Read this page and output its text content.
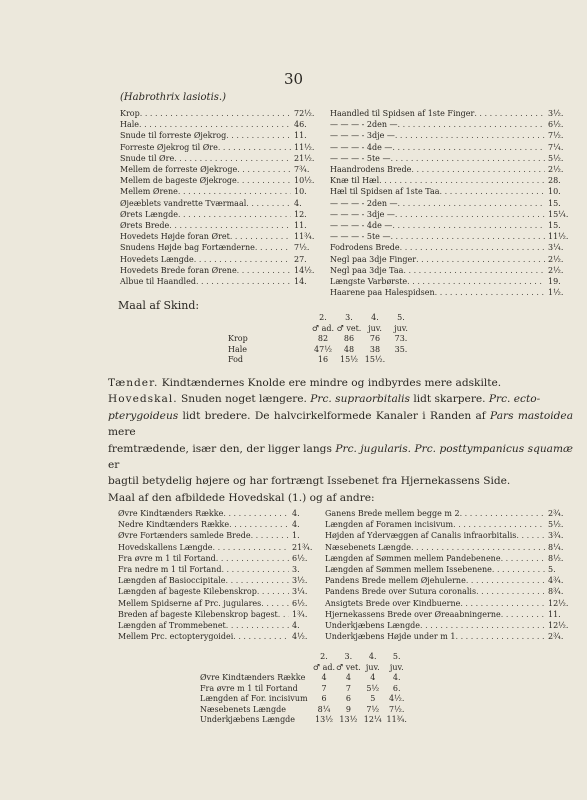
30
(Habrothrix lasiotis.)
Krop . . .	72½.
Hale . . .	46.
Snude til forreste Øjekrog . . .	11.
Forreste Øjekrog til Øre . . .	11½.
Snude til Øre . . .	21½.
Mellem de forreste Øjekroge . . .	7¾.
Mellem de bageste Øjekroge . . .	10½.
Mellem Ørene . . .	10.
Øjeæblets vandrette Tværmaal . . .	4.
Ørets Længde . . .	12.
Ørets Brede . . .	11.
Hovedets Højde foran Øret . . .	11¾.
Snudens Højde bag Fortænderne . . .	7½.
Hovedets Længde . . .	27.
Hovedets Brede foran Ørene . . .	14½.
Albue til Haandled . . .	14.
Haandled til Spidsen af 1ste Finger . . .	3½.
— — — - 2den — . . .	6½.
— — — - 3dje — . . .	7½.
— — — - 4de — . . .	7¼.
— — — - 5te — . . .	5½.
Haandrodens Brede . . .	2½.
Knæ til Hæl . . .	28.
Hæl til Spidsen af 1ste Taa . . .	10.
— — — - 2den — . . .	15.
— — — - 3dje — . . .	15¼.
— — — - 4de — . . .	15.
— — — - 5te — . . .	11½.
Fodrodens Brede . . .	3¼.
Negl paa 3dje Finger . . .	2½.
Negl paa 3dje Taa . . .	2½.
Længste Varbørste . . .	19.
Haarene paa Halespidsen . . .	1½.
Maal af Skind:
	2.	3.	4.	5.
	♂ ad.	♂ vet.	juv.	juv.
Krop	82	86	76	73.
Hale	47½	48	38	35.
Fod	16	15½	15½.	
Tænder. Kindtændernes Knolde ere mindre og indbyrdes mere adskilte.
Hovedskal. Snuden noget længere. Prc. supraorbitalis lidt skarpere. Prc. ecto-
pterygoideus lidt bredere. De halvcirkelformede Kanaler i Randen af Pars mastoidea mere
fremtrædende, især den, der ligger langs Prc. jugularis. Prc. posttympanicus squamæ er
bagtil betydelig højere og har fortrængt Issebenet fra Hjernekassens Side.
Maal af den afbildede Hovedskal (1.) og af andre:
Øvre Kindtænders Række . . .	4.
Nedre Kindtænders Række . . .	4.
Øvre Fortænders samlede Brede . . .	1.
Hovedskallens Længde . . .	21¾.
Fra øvre m 1 til Fortand . . .	6½.
Fra nedre m 1 til Fortand . . .	3.
Længden af Basioccipitale . . .	3½.
Længden af bageste Kilebenskrop . . .	3¼.
Mellem Spidserne af Prc. jugulares . . .	6½.
Breden af bageste Kilebenskrop bagest . . .	1¾.
Længden af Trommebenet . . .	4.
Mellem Prc. ectopterygoidei . . .	4½.
Ganens Brede mellem begge m 2 . . .	2¾.
Længden af Foramen incisivum . . .	5½.
Højden af Ydervæggen af Canalis infraorbitalis . . .	3¾.
Næsebenets Længde . . .	8¼.
Længden af Sømmen mellem Pandebenene . . .	8½.
Længden af Sømmen mellem Issebenene . . .	5.
Pandens Brede mellem Øjehulerne . . .	4¾.
Pandens Brede over Sutura coronalis . . .	8¾.
Ansigtets Brede over Kindbuerne . . .	12½.
Hjernekassens Brede over Øreaabningerne . . .	11.
Underkjæbens Længde . . .	12½.
Underkjæbens Højde under m 1 . . .	2¾.
	2.	3.	4.	5.
	♂ ad.	♂ vet.	juv.	juv.
Øvre Kindtænders Række	4	4	4	4.
Fra øvre m 1 til Fortand	7	7	5½	6.
Længden af For. incisivum	6	6	5	4½.
Næsebenets Længde	8¼	9	7½	7½.
Underkjæbens Længde	13½	13½	12¼	11¾.
